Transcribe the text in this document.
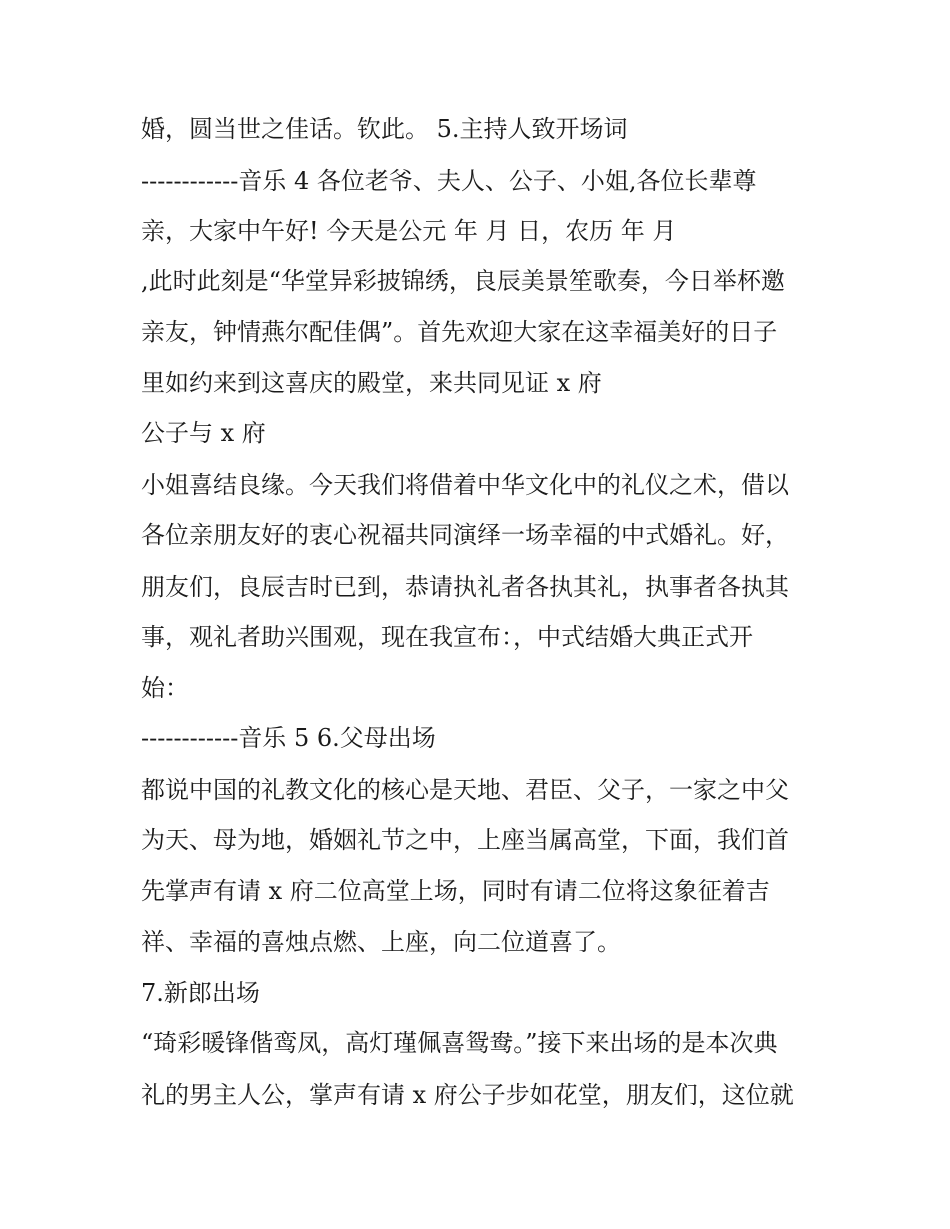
婚，圆当世之佳话。钦此。 5.主持人致开场词
------------音乐 4 各位老爷、夫人、公子、小姐,各位长辈尊
亲，大家中午好! 今天是公元 年 月 日，农历 年 月
,此时此刻是“华堂异彩披锦绣，良辰美景笙歌奏，今日举杯邀
亲友，钟情燕尔配佳偶”。首先欢迎大家在这幸福美好的日子
里如约来到这喜庆的殿堂，来共同见证 x 府
公子与 x 府
小姐喜结良缘。今天我们将借着中华文化中的礼仪之术，借以
各位亲朋友好的衷心祝福共同演绎一场幸福的中式婚礼。好，
朋友们，良辰吉时已到，恭请执礼者各执其礼，执事者各执其
事，观礼者助兴围观，现在我宣布：，中式结婚大典正式开
始：
------------音乐 5 6.父母出场
都说中国的礼教文化的核心是天地、君臣、父子，一家之中父
为天、母为地，婚姻礼节之中，上座当属高堂，下面，我们首
先掌声有请 x 府二位高堂上场，同时有请二位将这象征着吉
祥、幸福的喜烛点燃、上座，向二位道喜了。
7.新郎出场
“琦彩暖锋偕鸾凤，高灯瑾佩喜鸳鸯。”接下来出场的是本次典
礼的男主人公，掌声有请 x 府公子步如花堂，朋友们，这位就
